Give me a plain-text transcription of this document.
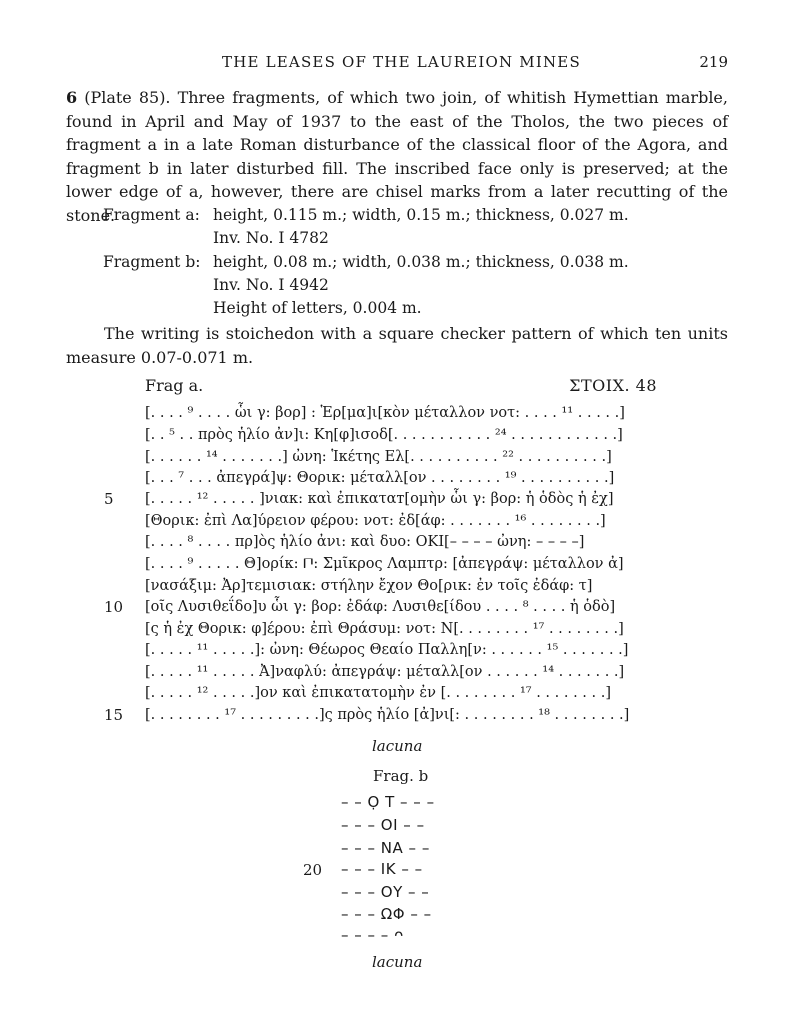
THE LEASES OF THE LAUREION MINES	219
6 (Plate 85). Three fragments, of which two join, of whitish Hymettian marble, found in April and May of 1937 to the east of the Tholos, the two pieces of fragment a in a late Roman disturbance of the classical floor of the Agora, and fragment b in later disturbed fill. The inscribed face only is preserved; at the lower edge of a, however, there are chisel marks from a later recutting of the stone.
Fragment a: height, 0.115 m.; width, 0.15 m.; thickness, 0.027 m.
Inv. No. I 4782
Fragment b: height, 0.08 m.; width, 0.038 m.; thickness, 0.038 m.
Inv. No. I 4942
Height of letters, 0.004 m.
The writing is stoichedon with a square checker pattern of which ten units measure 0.07-0.071 m.
Frag a.	ΣΤΟΙΧ. 48
[. . . . ⁹ . . . . ὧι γ: βορ] : Ἑρ[μα]ι[κὸν μέταλλον νοτ: . . . . ¹¹ . . . . .]
[. . ⁵ . . πρὸς ἡλίο ἀν]ι: Κη[φ]ισοδ[. . . . . . . . . . . ²⁴ . . . . . . . . . . . .]
[. . . . . . ¹⁴ . . . . . . .] ὠνη: Ἱκέτης Ελ[. . . . . . . . . . ²² . . . . . . . . . .]
[. . . ⁷ . . . ἀπεγρά]ψ: Θορικ: μέταλλ[ον . . . . . . . . ¹⁹ . . . . . . . . . .]
5 [. . . . . ¹² . . . . . ]νιακ: καὶ ἐπικαταт[ομὴν ὧι γ: βορ: ἡ ὁδὸς ἡ ἐχ]
[Θορικ: ἐπὶ Λα]ύρειον φέρου: νοτ: ἐδ[άφ: . . . . . . . ¹⁶ . . . . . . . .]
[. . . . ⁸ . . . . πρ]ὸς ἡλίο ἀνι: καὶ δυο: ΟΚΙ[– – – – ὠνη: – – – –]
[. . . . ⁹ . . . . . Θ]ορίκ: 𐅃: Σμῖκρος Λαμπτρ: [ἀπεγράψ: μέταλλον ἀ]
[νασάξιμ: Ἀρ]τεμισιακ: στήλην ἔχον Θο[ρικ: ἐν τοῖς ἐδάφ: τ]
10 [οῖς Λυσιθεΐδο]υ ὧι γ: βορ: ἐδάφ: Λυσιθε[ίδου . . . . ⁸ . . . . ἡ ὁδὸ]
[ς ἡ ἐχ Θορικ: φ]έρου: ἐπὶ Θράσυμ: νοτ: Ν[. . . . . . . . ¹⁷ . . . . . . . .]
[. . . . . ¹¹ . . . . .]: ὠνη: Θέωρος Θεαίο Παλλη[ν: . . . . . . ¹⁵ . . . . . . .]
[. . . . . ¹¹ . . . . . Ἀ]ναφλύ: ἀπεγράψ: μέταλλ[ον . . . . . . ¹⁴ . . . . . . .]
[. . . . . ¹² . . . . .]ον καὶ ἐπικατατομὴν ἐν [. . . . . . . . ¹⁷ . . . . . . . .]
15 [. . . . . . . . ¹⁷ . . . . . . . . .]ς πρὸς ἡλίο [ἀ]νι[: . . . . . . . . ¹⁸ . . . . . . . .]
lacuna
Frag. b
– – Ọ Τ – – –
– – – ΟΙ – –
– – – ΝΑ – –
20 – – – ΙΚ – –
– – – ΟΥ – –
– – – ΩΦ – –
– – – – ᴖ
lacuna
